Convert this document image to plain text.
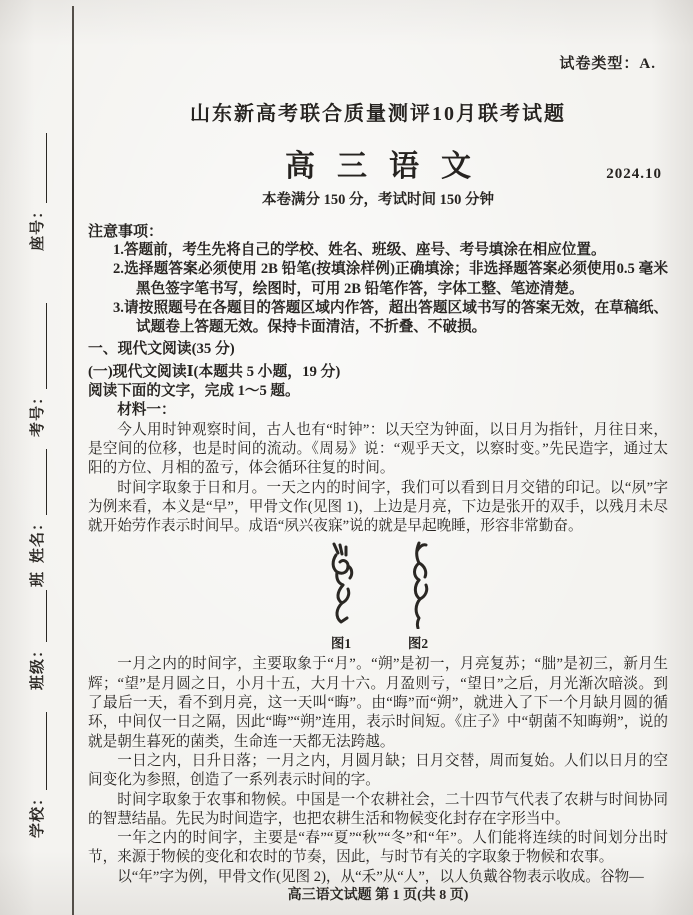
学校：
班级：
班
姓名：
考号：
座号：
试卷类型：A.
山东新高考联合质量测评10月联考试题
高三语文	2024.10
本卷满分 150 分，考试时间 150 分钟
注意事项：
1.答题前，考生先将自己的学校、姓名、班级、座号、考号填涂在相应位置。
2.选择题答案必须使用 2B 铅笔(按填涂样例)正确填涂；非选择题答案必须使用0.5 毫米黑色签字笔书写，绘图时，可用 2B 铅笔作答，字体工整、笔迹清楚。
3.请按照题号在各题目的答题区域内作答，超出答题区域书写的答案无效，在草稿纸、试题卷上答题无效。保持卡面清洁，不折叠、不破损。
一、现代文阅读(35 分)
(一)现代文阅读Ⅰ(本题共 5 小题，19 分)
阅读下面的文字，完成 1～5 题。
材料一：

今人用时钟观察时间，古人也有“时钟”：以天空为钟面，以日月为指针，月往日来，是空间的位移，也是时间的流动。《周易》说：“观乎天文，以察时变。”先民造字，通过太阳的方位、月相的盈亏，体会循环往复的时间。

时间字取象于日和月。一天之内的时间字，我们可以看到日月交错的印记。以“夙”字为例来看，本义是“早”，甲骨文作(见图 1)，上边是月亮，下边是张开的双手，以残月未尽就开始劳作表示时间早。成语“夙兴夜寐”说的就是早起晚睡，形容非常勤奋。

图1	图2

一月之内的时间字，主要取象于“月”。“朔”是初一，月亮复苏；“朏”是初三，新月生辉；“望”是月圆之日，小月十五，大月十六。月盈则亏，“望日”之后，月光渐次暗淡。到了最后一天，看不到月亮，这一天叫“晦”。由“晦”而“朔”，就进入了下一个月缺月圆的循环，中间仅一日之隔，因此“晦”“朔”连用，表示时间短。《庄子》中“朝菌不知晦朔”，说的就是朝生暮死的菌类，生命连一天都无法跨越。

一日之内，日升日落；一月之内，月圆月缺；日月交替，周而复始。人们以日月的空间变化为参照，创造了一系列表示时间的字。

时间字取象于农事和物候。中国是一个农耕社会，二十四节气代表了农耕与时间协同的智慧结晶。先民为时间造字，也把农耕生活和物候变化封存在字形当中。

一年之内的时间字，主要是“春”“夏”“秋”“冬”和“年”。人们能将连续的时间划分出时节，来源于物候的变化和农时的节奏，因此，与时节有关的字取象于物候和农事。

以“年”字为例，甲骨文作(见图 2)，从“禾”从“人”，以人负戴谷物表示收成。谷物—

高三语文试题 第 1 页(共 8 页)
